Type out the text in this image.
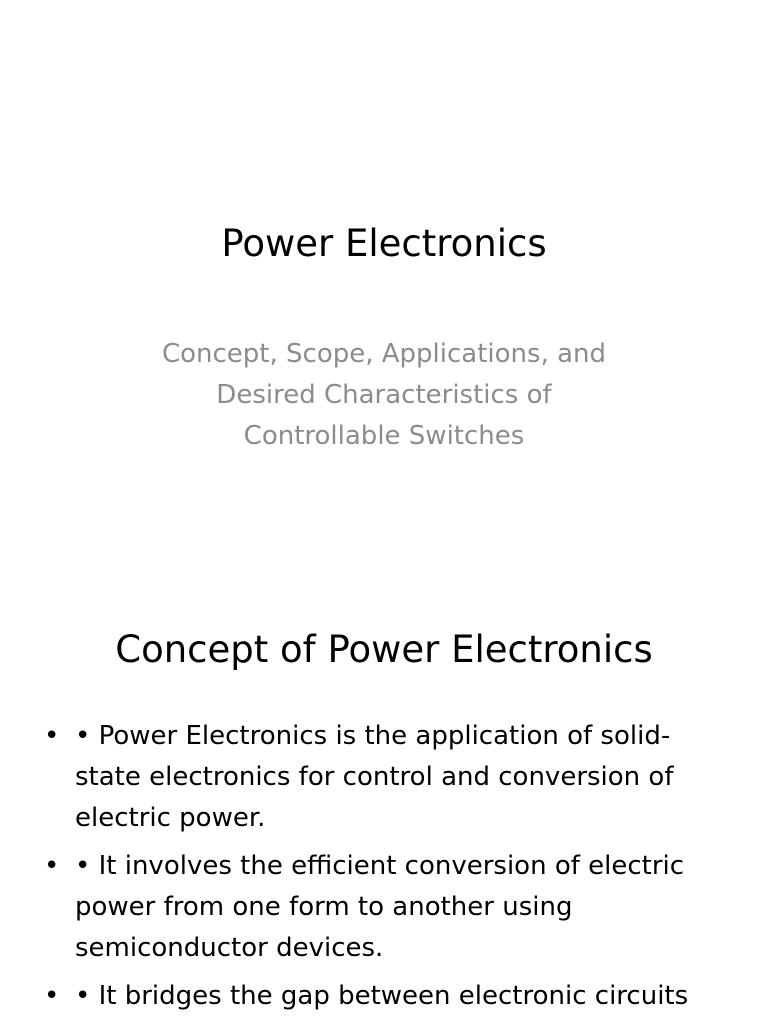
Power Electronics
Concept, Scope, Applications, and
Desired Characteristics of
Controllable Switches
Concept of Power Electronics
• • Power Electronics is the application of solid-
state electronics for control and conversion of
electric power.
• • It involves the efficient conversion of electric
power from one form to another using
semiconductor devices.
• • It bridges the gap between electronic circuits
